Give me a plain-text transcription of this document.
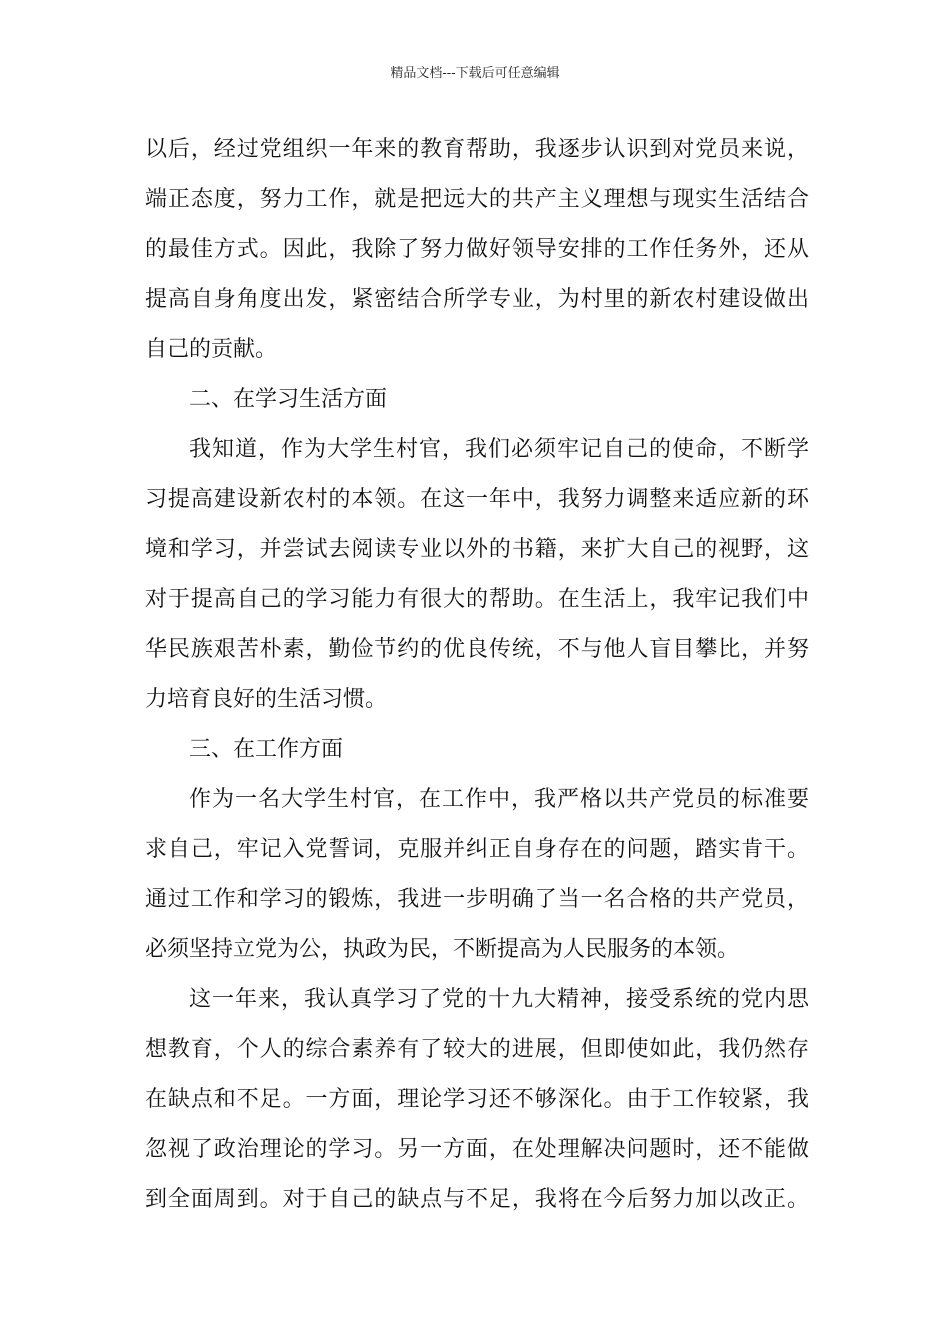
精品文档---下载后可任意编辑
以后，经过党组织一年来的教育帮助，我逐步认识到对党员来说，
端正态度，努力工作，就是把远大的共产主义理想与现实生活结合
的最佳方式。因此，我除了努力做好领导安排的工作任务外，还从
提高自身角度出发，紧密结合所学专业，为村里的新农村建设做出
自己的贡献。
二、在学习生活方面
我知道，作为大学生村官，我们必须牢记自己的使命，不断学
习提高建设新农村的本领。在这一年中，我努力调整来适应新的环
境和学习，并尝试去阅读专业以外的书籍，来扩大自己的视野，这
对于提高自己的学习能力有很大的帮助。在生活上，我牢记我们中
华民族艰苦朴素，勤俭节约的优良传统，不与他人盲目攀比，并努
力培育良好的生活习惯。
三、在工作方面
作为一名大学生村官，在工作中，我严格以共产党员的标准要
求自己，牢记入党誓词，克服并纠正自身存在的问题，踏实肯干。
通过工作和学习的锻炼，我进一步明确了当一名合格的共产党员，
必须坚持立党为公，执政为民，不断提高为人民服务的本领。
这一年来，我认真学习了党的十九大精神，接受系统的党内思
想教育，个人的综合素养有了较大的进展，但即使如此，我仍然存
在缺点和不足。一方面，理论学习还不够深化。由于工作较紧，我
忽视了政治理论的学习。另一方面，在处理解决问题时，还不能做
到全面周到。对于自己的缺点与不足，我将在今后努力加以改正。
